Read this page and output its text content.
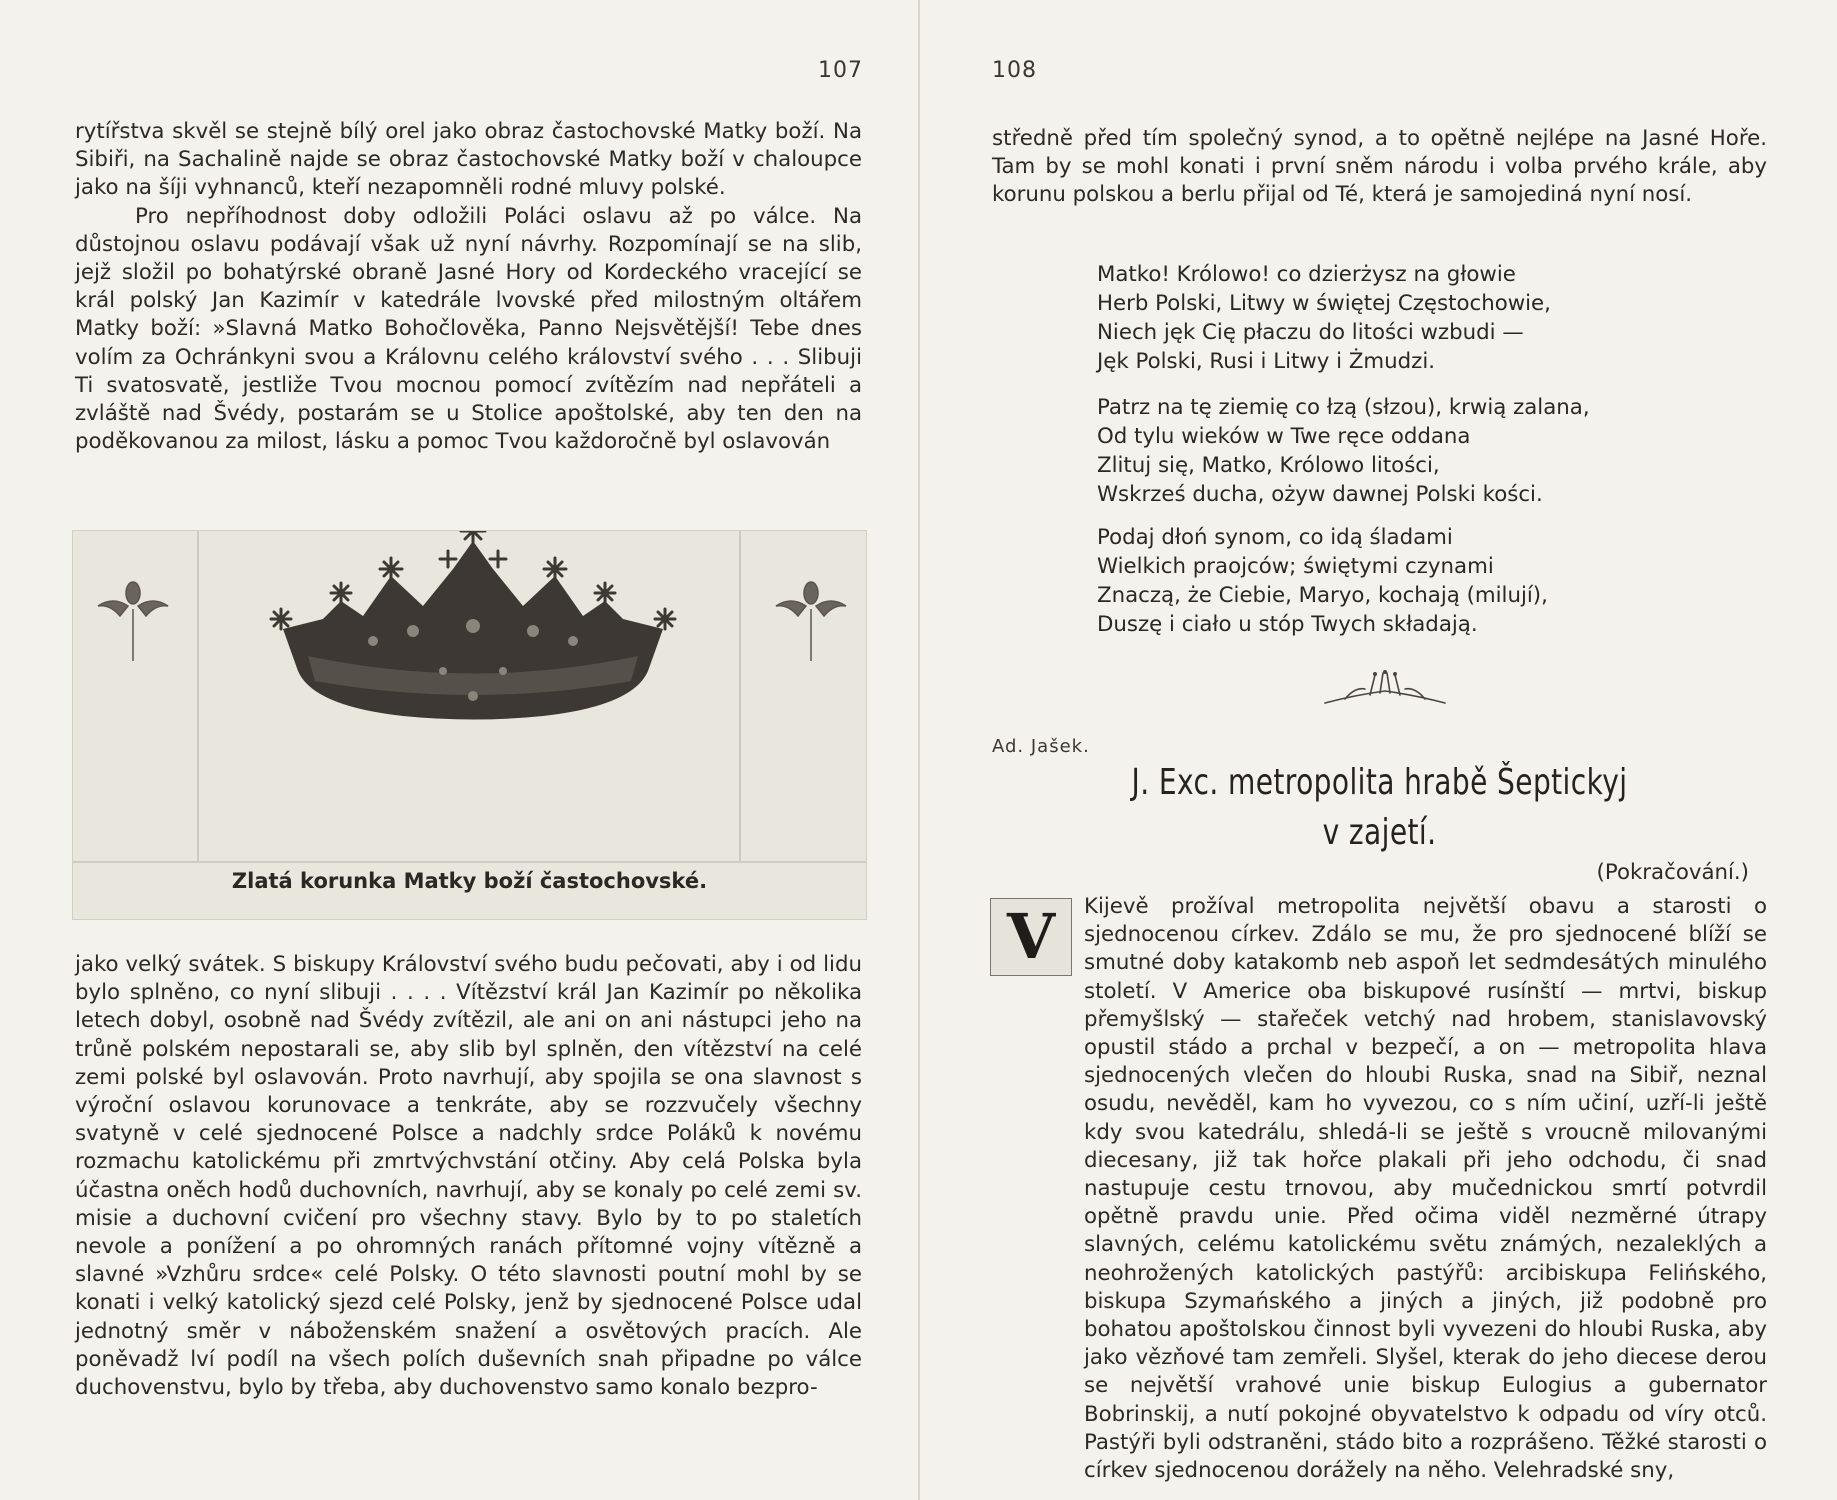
107

rytířstva skvěl se stejně bílý orel jako obraz častochovské Matky boží. Na Sibiři, na Sachalině najde se obraz častochovské Matky boží v chaloupce jako na šíji vyhnanců, kteří nezapomněli rodné mluvy polské.

Pro nepříhodnost doby odložili Poláci oslavu až po válce. Na důstojnou oslavu podávají však už nyní návrhy. Rozpomínají se na slib, jejž složil po bohatýrské obraně Jasné Hory od Kordeckého vracející se král polský Jan Kazimír v katedrále lvovské před milostným oltářem Matky boží: »Slavná Matko Bohočlověka, Panno Nejsvětější! Tebe dnes volím za Ochránkyni svou a Královnu celého království svého . . . Slibuji Ti svatosvatě, jestliže Tvou mocnou pomocí zvítězím nad nepřáteli a zvláště nad Švédy, postarám se u Stolice apoštolské, aby ten den na poděkovanou za milost, lásku a pomoc Tvou každoročně byl oslavován

Zlatá korunka Matky boží častochovské.

jako velký svátek. S biskupy Království svého budu pečovati, aby i od lidu bylo splněno, co nyní slibuji . . . . Vítězství král Jan Kazimír po několika letech dobyl, osobně nad Švédy zvítězil, ale ani on ani nástupci jeho na trůně polském nepostarali se, aby slib byl splněn, den vítězství na celé zemi polské byl oslavován. Proto navrhují, aby spojila se ona slavnost s výroční oslavou korunovace a tenkráte, aby se rozzvučely všechny svatyně v celé sjednocené Polsce a nadchly srdce Poláků k novému rozmachu katolickému při zmrtvýchvstání otčiny. Aby celá Polska byla účastna oněch hodů duchovních, navrhují, aby se konaly po celé zemi sv. misie a duchovní cvičení pro všechny stavy. Bylo by to po staletích nevole a ponížení a po ohromných ranách přítomné vojny vítězně a slavné »Vzhůru srdce« celé Polsky. O této slavnosti poutní mohl by se konati i velký katolický sjezd celé Polsky, jenž by sjednocené Polsce udal jednotný směr v náboženském snažení a osvětových pracích. Ale poněvadž lví podíl na všech polích duševních snah připadne po válce duchovenstvu, bylo by třeba, aby duchovenstvo samo konalo bezpro-

108

středně před tím společný synod, a to opětně nejlépe na Jasné Hoře. Tam by se mohl konati i první sněm národu i volba prvého krále, aby korunu polskou a berlu přijal od Té, která je samojediná nyní nosí.

Matko! Królowo! co dzierżysz na głowie

Herb Polski, Litwy w świętej Częstochowie,

Niech jęk Cię płaczu do litości wzbudi —

Jęk Polski, Rusi i Litwy i Żmudzi.

Patrz na tę ziemię co łzą (słzou), krwią zalana,

Od tylu wieków w Twe ręce oddana

Zlituj się, Matko, Królowo litości,

Wskrześ ducha, ożyw dawnej Polski kości.

Podaj dłoń synom, co idą śladami

Wielkich praojców; świętymi czynami

Znaczą, że Ciebie, Maryo, kochają (milují),

Duszę i ciało u stóp Twych składają.

Ad. Jašek.
J. Exc. metropolita hrabě Šeptickyj
v zajetí.
(Pokračování.)
V	Kijevě prožíval metropolita největší obavu a starosti o sjednocenou církev. Zdálo se mu, že pro sjednocené blíží se smutné doby katakomb neb aspoň let sedmdesátých minulého století. V Americe oba biskupové rusínští — mrtvi, biskup přemyšlský — stařeček vetchý nad hrobem, stanislavovský opustil stádo a prchal v bezpečí, a on — metropolita hlava sjednocených vlečen do hloubi Ruska, snad na Sibiř, neznal osudu, nevěděl, kam ho vyvezou, co s ním učiní, uzří-li ještě kdy svou katedrálu, shledá-li se ještě s vroucně milovanými diecesany, již tak hořce plakali při jeho odchodu, či snad nastupuje cestu trnovou, aby mučednickou smrtí potvrdil opětně pravdu unie. Před očima viděl nezměrné útrapy slavných, celému katolickému světu známých, nezaleklých a neohrožených katolických pastýřů: arcibiskupa Felińského, biskupa Szymańského a jiných a jiných, již podobně pro bohatou apoštolskou činnost byli vyvezeni do hloubi Ruska, aby jako vězňové tam zemřeli. Slyšel, kterak do jeho diecese derou se největší vrahové unie biskup Eulogius a gubernator Bobrinskij, a nutí pokojné obyvatelstvo k odpadu od víry otců. Pastýři byli odstraněni, stádo bito a rozprášeno. Těžké starosti o církev sjednocenou dorážely na něho. Velehradské sny,
